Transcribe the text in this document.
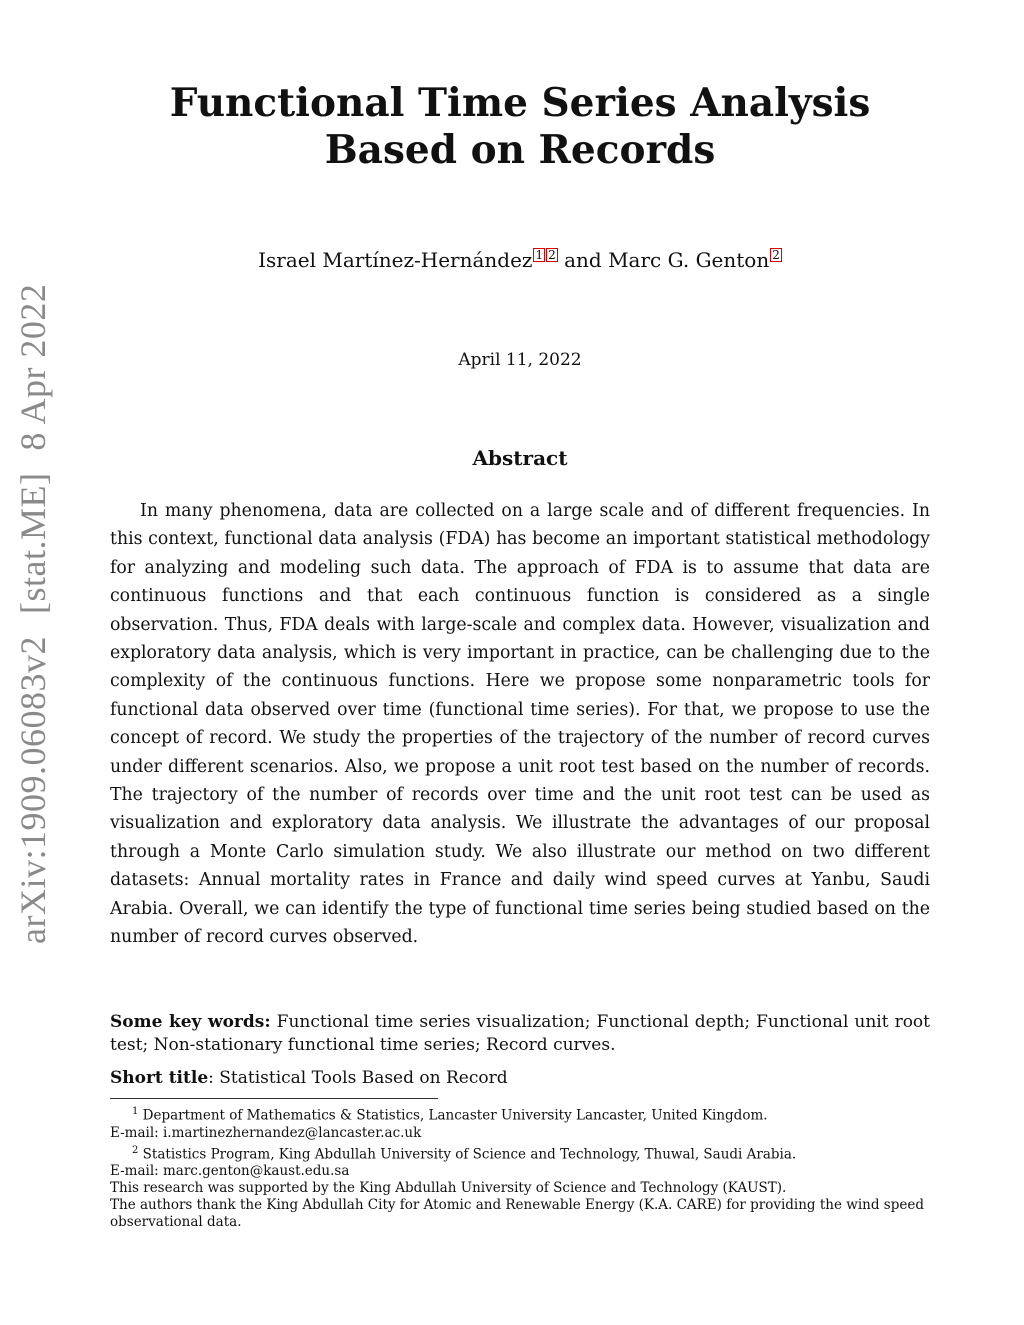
arXiv:1909.06083v2[stat.ME]8 Apr 2022
Functional Time Series Analysis Based on Records
Israel Martínez-Hernández 1 2 and Marc G. Genton 2
April 11, 2022
Abstract

In many phenomena, data are collected on a large scale and of different frequencies. In this context, functional data analysis (FDA) has become an important statistical methodology for analyzing and modeling such data. The approach of FDA is to assume that data are continuous functions and that each continuous function is considered as a single observation. Thus, FDA deals with large-scale and complex data. However, visualization and exploratory data analysis, which is very important in practice, can be challenging due to the complexity of the continuous functions. Here we propose some nonparametric tools for functional data observed over time (functional time series). For that, we propose to use the concept of record. We study the properties of the trajectory of the number of record curves under different scenarios. Also, we propose a unit root test based on the number of records. The trajectory of the number of records over time and the unit root test can be used as visualization and exploratory data analysis. We illustrate the advantages of our proposal through a Monte Carlo simulation study. We also illustrate our method on two different datasets: Annual mortality rates in France and daily wind speed curves at Yanbu, Saudi Arabia. Overall, we can identify the type of functional time series being studied based on the number of record curves observed.

Some key words: Functional time series visualization; Functional depth; Functional unit root test; Non-stationary functional time series; Record curves.

Short title: Statistical Tools Based on Record

$^1$ Department of Mathematics & Statistics, Lancaster University Lancaster, United Kingdom.

E-mail: i.martinezhernandez@lancaster.ac.uk

$^2$ Statistics Program, King Abdullah University of Science and Technology, Thuwal, Saudi Arabia.

E-mail: marc.genton@kaust.edu.sa

This research was supported by the King Abdullah University of Science and Technology (KAUST).

The authors thank the King Abdullah City for Atomic and Renewable Energy (K.A. CARE) for providing the wind speed observational data.
